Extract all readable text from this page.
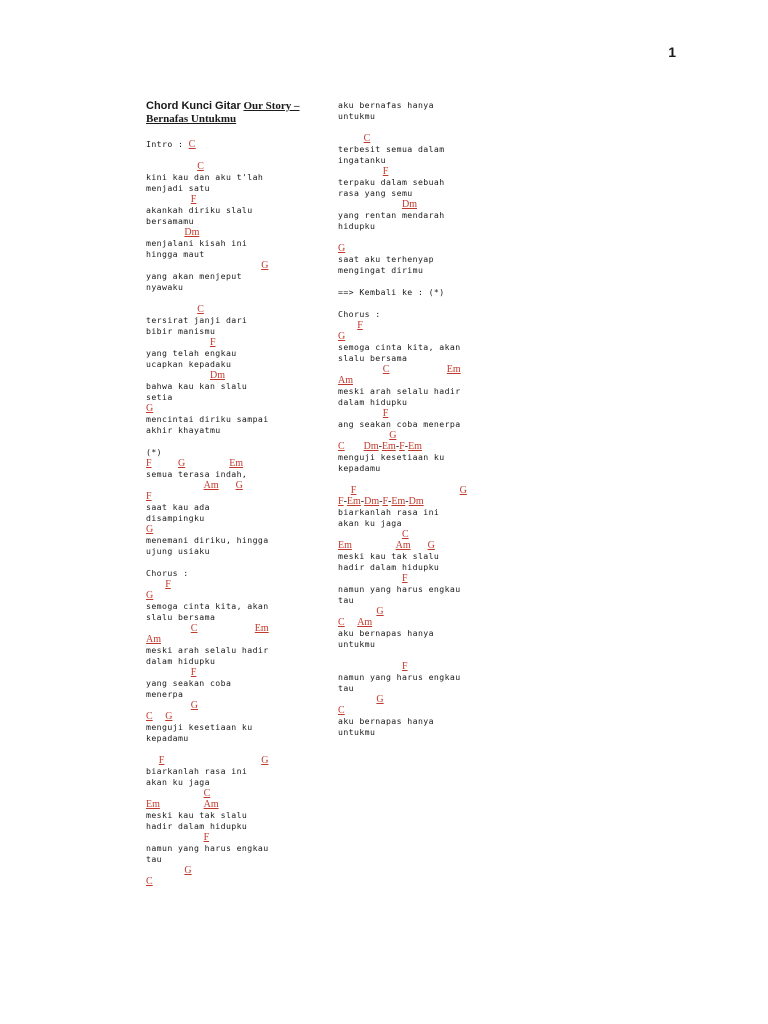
1
Chord Kunci Gitar Our Story –
Bernafas Untukmu
Intro : C
C
kini kau dan aku t'lah
menjadi satu
F
akankah diriku slalu
bersamamu
Dm
menjalani kisah ini
hingga maut
G
yang akan menjeput
nyawaku
C
tersirat janji dari
bibir manismu
F
yang telah engkau
ucapkan kepadaku
Dm
bahwa kau kan slalu
setia
G
mencintai diriku sampai
akhir khayatmu
(*)
F	G	Em
semua terasa indah,
Am G
F
saat kau ada
disampingku
G
menemani diriku, hingga
ujung usiaku
Chorus :
F
G
semoga cinta kita, akan
slalu bersama
C	Em
Am
meski arah selalu hadir
dalam hidupku
F
yang seakan coba
menerpa
G
C G
menguji kesetiaan ku
kepadamu
F	G
biarkanlah rasa ini
akan ku jaga
C
Em	Am
meski kau tak slalu
hadir dalam hidupku
F
namun yang harus engkau
tau
G
C
aku bernafas hanya
untukmu
C
terbesit semua dalam
ingatanku
F
terpaku dalam sebuah
rasa yang semu
Dm
yang rentan mendarah
hidupku
G
saat aku terhenyap
mengingat dirimu
==> Kembali ke : (*)
Chorus :
F
G
semoga cinta kita, akan
slalu bersama
C	Em
Am
meski arah selalu hadir
dalam hidupku
F
ang seakan coba menerpa
G
C Dm-Em-F-Em
menguji kesetiaan ku
kepadamu
F	G
F-Em-Dm-F-Em-Dm
biarkanlah rasa ini
akan ku jaga
C
Em	Am G
meski kau tak slalu
hadir dalam hidupku
F
namun yang harus engkau
tau
G
C Am
aku bernapas hanya
untukmu
F
namun yang harus engkau
tau
G
C
aku bernapas hanya
untukmu
